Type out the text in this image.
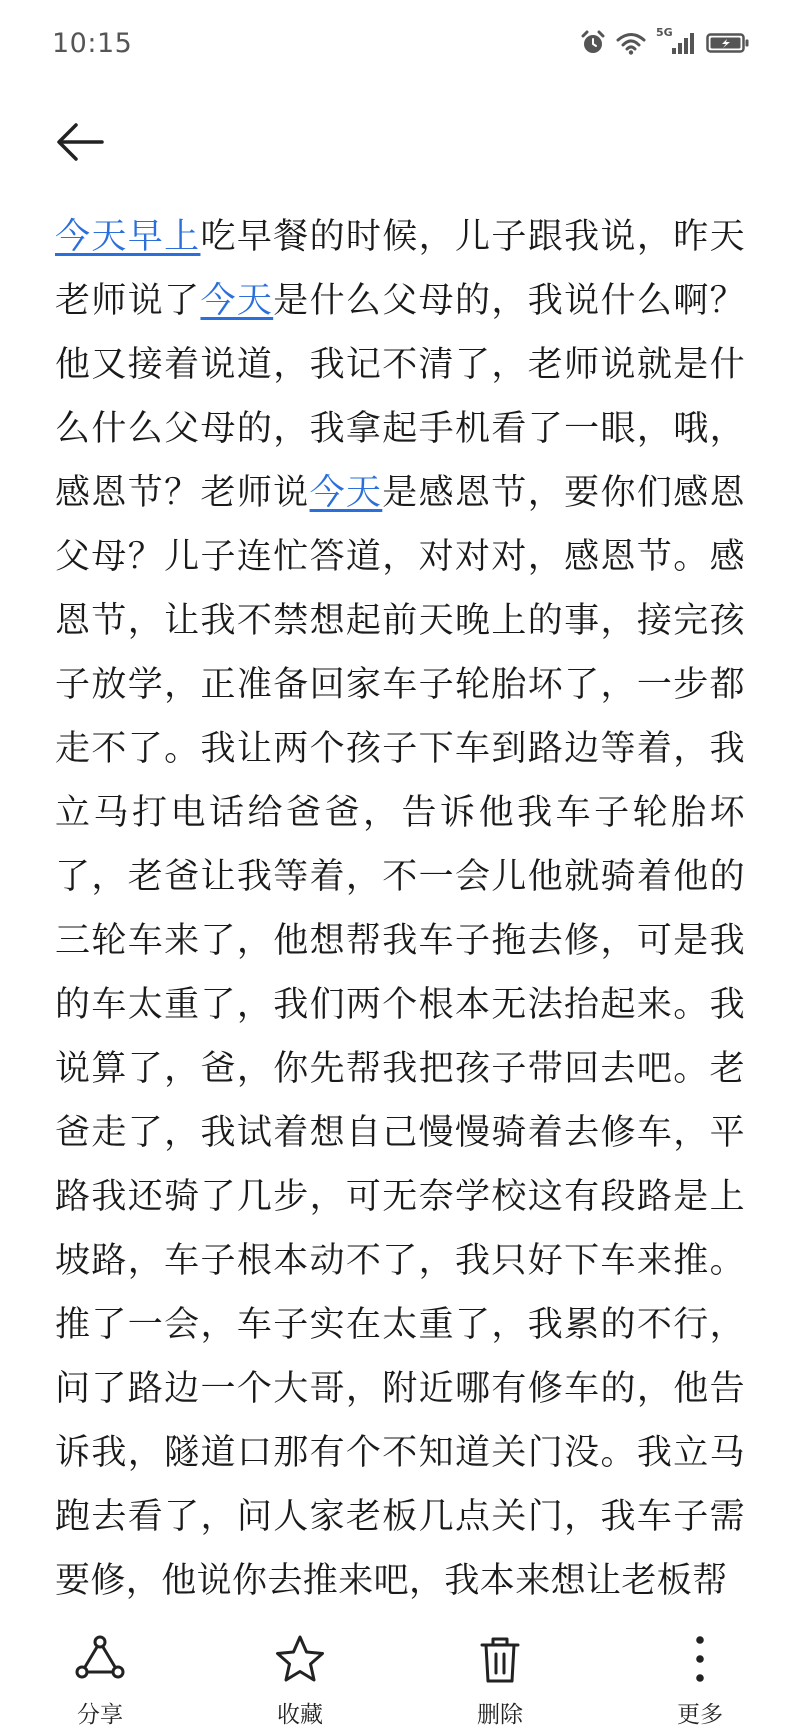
10:15	5G
今天早上吃早餐的时候，儿子跟我说，昨天老师说了今天是什么父母的，我说什么啊？他又接着说道，我记不清了，老师说就是什么什么父母的，我拿起手机看了一眼，哦，感恩节？老师说今天是感恩节，要你们感恩父母？儿子连忙答道，对对对，感恩节。感恩节，让我不禁想起前天晚上的事，接完孩子放学，正准备回家车子轮胎坏了，一步都走不了。我让两个孩子下车到路边等着，我立马打电话给爸爸，告诉他我车子轮胎坏了，老爸让我等着，不一会儿他就骑着他的三轮车来了，他想帮我车子拖去修，可是我的车太重了，我们两个根本无法抬起来。我说算了，爸，你先帮我把孩子带回去吧。老爸走了，我试着想自己慢慢骑着去修车，平路我还骑了几步，可无奈学校这有段路是上坡路，车子根本动不了，我只好下车来推。推了一会，车子实在太重了，我累的不行，问了路边一个大哥，附近哪有修车的，他告诉我，隧道口那有个不知道关门没。我立马跑去看了，问人家老板几点关门，我车子需要修，他说你去推来吧，我本来想让老板帮
分享	收藏	删除	更多
